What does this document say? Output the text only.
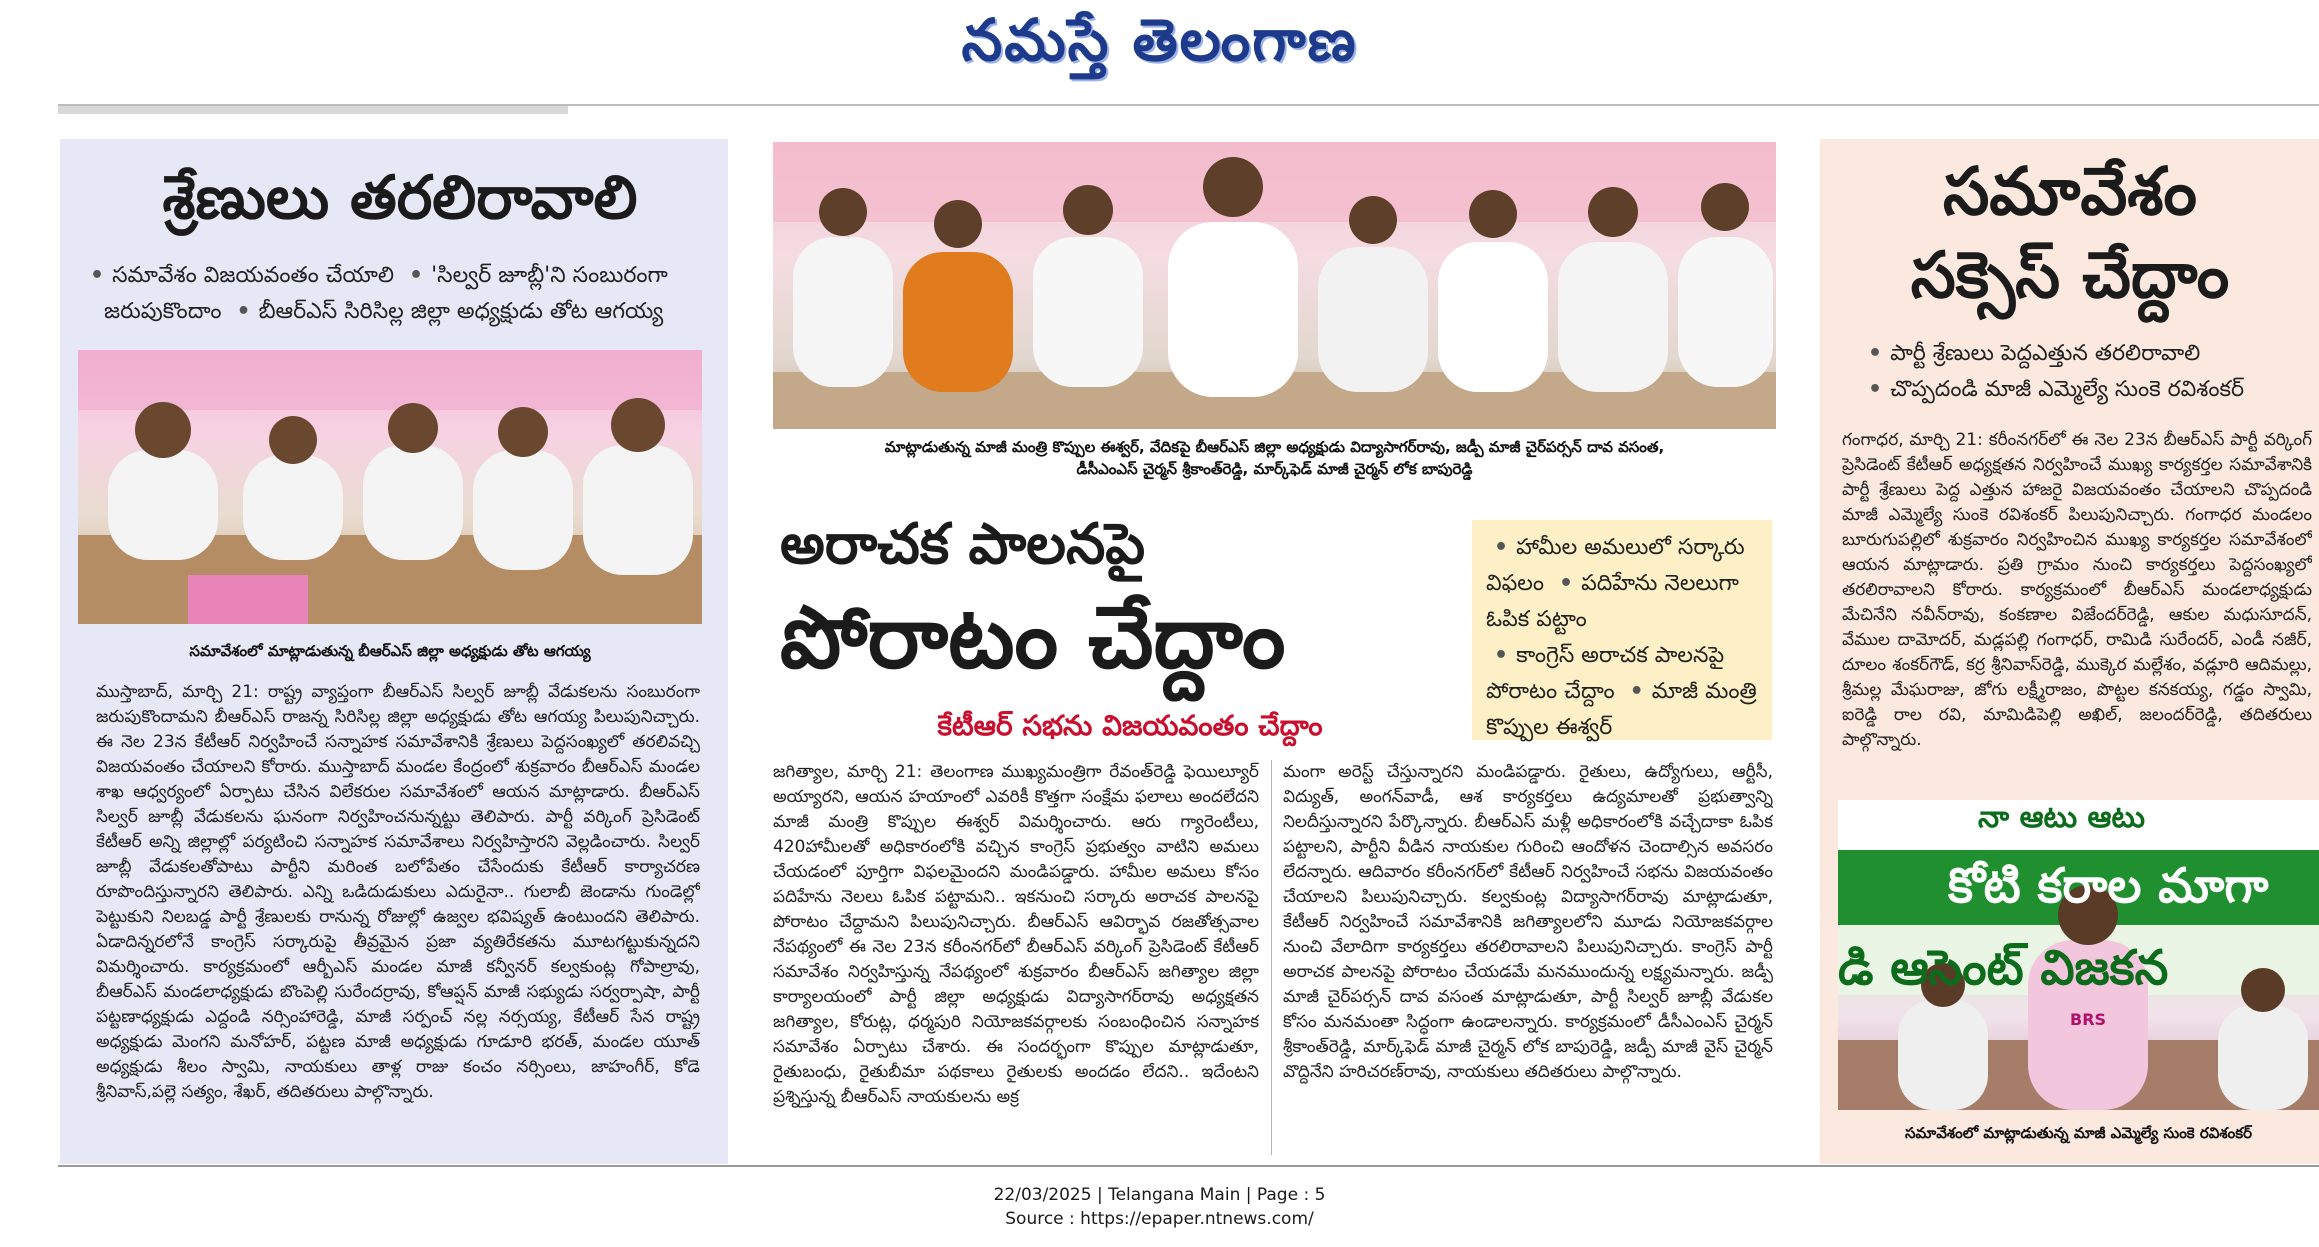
నమస్తే తెలంగాణ
శ్రేణులు తరలిరావాలి
• సమావేశం విజయవంతం చేయాలి • 'సిల్వర్ జూబ్లీ'ని సంబురంగా
జరుపుకొందాం • బీఆర్ఎస్ సిరిసిల్ల జిల్లా అధ్యక్షుడు తోట ఆగయ్య
సమావేశంలో మాట్లాడుతున్న బీఆర్ఎస్ జిల్లా అధ్యక్షుడు తోట ఆగయ్య
ముస్తాబాద్, మార్చి 21: రాష్ట్ర వ్యాప్తంగా బీఆర్ఎస్ సిల్వర్ జూబ్లీ వేడుకలను సంబురంగా జరుపుకొందామని బీఆర్ఎస్ రాజన్న సిరిసిల్ల జిల్లా అధ్యక్షుడు తోట ఆగయ్య పిలుపునిచ్చారు. ఈ నెల 23న కేటీఆర్ నిర్వహించే సన్నాహక సమావేశానికి శ్రేణులు పెద్దసంఖ్యలో తరలివచ్చి విజయవంతం చేయాలని కోరారు. ముస్తాబాద్ మండల కేంద్రంలో శుక్రవారం బీఆర్ఎస్ మండల శాఖ ఆధ్వర్యంలో ఏర్పాటు చేసిన విలేకరుల సమావేశంలో ఆయన మాట్లాడారు. బీఆర్ఎస్ సిల్వర్ జూబ్లీ వేడుకలను ఘనంగా నిర్వహించనున్నట్టు తెలిపారు. పార్టీ వర్కింగ్ ప్రెసిడెంట్ కేటీఆర్ అన్ని జిల్లాల్లో పర్యటించి సన్నాహక సమావేశాలు నిర్వహిస్తారని వెల్లడించారు. సిల్వర్ జూబ్లీ వేడుకలతోపాటు పార్టీని మరింత బలోపేతం చేసేందుకు కేటీఆర్ కార్యాచరణ రూపొందిస్తున్నారని తెలిపారు. ఎన్ని ఒడిదుడుకులు ఎదురైనా.. గులాబీ జెండాను గుండెల్లో పెట్టుకుని నిలబడ్డ పార్టీ శ్రేణులకు రానున్న రోజుల్లో ఉజ్వల భవిష్యత్ ఉంటుందని తెలిపారు. ఏడాదిన్నరలోనే కాంగ్రెస్ సర్కారుపై తీవ్రమైన ప్రజా వ్యతిరేకతను మూటగట్టుకున్నదని విమర్శించారు. కార్యక్రమంలో ఆర్బీఎస్ మండల మాజీ కన్వీనర్ కల్వకుంట్ల గోపాల్రావు, బీఆర్ఎస్ మండలాధ్యక్షుడు బొంపెల్లి సురేందర్రావు, కోఆప్షన్ మాజీ సభ్యుడు సర్వర్పాషా, పార్టీ పట్టణాధ్యక్షుడు ఎద్దండి నర్సింహారెడ్డి, మాజీ సర్పంచ్ నల్ల నర్సయ్య, కేటీఆర్ సేన రాష్ట్ర అధ్యక్షుడు మెంగని మనోహర్, పట్టణ మాజీ అధ్యక్షుడు గూడూరి భరత్, మండల యూత్ అధ్యక్షుడు శీలం స్వామి, నాయకులు తాళ్ల రాజు కంచం నర్సింలు, జాహంగీర్, కోడె శ్రీనివాస్,పల్లె సత్యం, శేఖర్, తదితరులు పాల్గొన్నారు.
మాట్లాడుతున్న మాజీ మంత్రి కొప్పుల ఈశ్వర్, వేదికపై బీఆర్ఎస్ జిల్లా అధ్యక్షుడు విద్యాసాగర్‌రావు, జడ్పీ మాజీ చైర్‌పర్సన్ దావ వసంత,
డీసీఎంఎస్ చైర్మన్ శ్రీకాంత్‌రెడ్డి, మార్క్‌ఫెడ్ మాజీ చైర్మన్ లోక బాపురెడ్డి
అరాచక పాలనపై
పోరాటం చేద్దాం
కేటీఆర్ సభను విజయవంతం చేద్దాం
• హామీల అమలులో సర్కారు విఫలం • పదిహేను నెలలుగా ఓపిక పట్టాం
• కాంగ్రెస్ అరాచక పాలనపై పోరాటం చేద్దాం • మాజీ మంత్రి కొప్పుల ఈశ్వర్
జగిత్యాల, మార్చి 21: తెలంగాణ ముఖ్యమంత్రిగా రేవంత్‌రెడ్డి ఫెయిల్యూర్ అయ్యారని, ఆయన హయాంలో ఎవరికీ కొత్తగా సంక్షేమ ఫలాలు అందలేదని మాజీ మంత్రి కొప్పుల ఈశ్వర్ విమర్శించారు. ఆరు గ్యారెంటీలు, 420హామీలతో అధికారంలోకి వచ్చిన కాంగ్రెస్ ప్రభుత్వం వాటిని అమలు చేయడంలో పూర్తిగా విఫలమైందని మండిపడ్డారు. హామీల అమలు కోసం పదిహేను నెలలు ఓపిక పట్టామని.. ఇకనుంచి సర్కారు అరాచక పాలనపై పోరాటం చేద్దామని పిలుపునిచ్చారు. బీఆర్ఎస్ ఆవిర్భావ రజతోత్సవాల నేపథ్యంలో ఈ నెల 23న కరీంనగర్‌లో బీఆర్ఎస్ వర్కింగ్ ప్రెసిడెంట్ కేటీఆర్ సమావేశం నిర్వహిస్తున్న నేపథ్యంలో శుక్రవారం బీఆర్ఎస్ జగిత్యాల జిల్లా కార్యాలయంలో పార్టీ జిల్లా అధ్యక్షుడు విద్యాసాగర్‌రావు అధ్యక్షతన జగిత్యాల, కోరుట్ల, ధర్మపురి నియోజకవర్గాలకు సంబంధించిన సన్నాహక సమావేశం ఏర్పాటు చేశారు. ఈ సందర్భంగా కొప్పుల మాట్లాడుతూ, రైతుబంధు, రైతుబీమా పథకాలు రైతులకు అందడం లేదని.. ఇదేంటని ప్రశ్నిస్తున్న బీఆర్ఎస్ నాయకులను అక్ర
మంగా అరెస్ట్ చేస్తున్నారని మండిపడ్డారు. రైతులు, ఉద్యోగులు, ఆర్టీసీ, విద్యుత్, అంగన్‌వాడీ, ఆశ కార్యకర్తలు ఉద్యమాలతో ప్రభుత్వాన్ని నిలదీస్తున్నారని పేర్కొన్నారు. బీఆర్ఎస్ మళ్లీ అధికారంలోకి వచ్చేదాకా ఓపిక పట్టాలని, పార్టీని వీడిన నాయకుల గురించి ఆందోళన చెందాల్సిన అవసరం లేదన్నారు. ఆదివారం కరీంనగర్‌లో కేటీఆర్ నిర్వహించే సభను విజయవంతం చేయాలని పిలుపునిచ్చారు. కల్వకుంట్ల విద్యాసాగర్‌రావు మాట్లాడుతూ, కేటీఆర్ నిర్వహించే సమావేశానికి జగిత్యాలలోని మూడు నియోజకవర్గాల నుంచి వేలాదిగా కార్యకర్తలు తరలిరావాలని పిలుపునిచ్చారు. కాంగ్రెస్ పార్టీ అరాచక పాలనపై పోరాటం చేయడమే మనముందున్న లక్ష్యమన్నారు. జడ్పీ మాజీ చైర్‌పర్సన్ దావ వసంత మాట్లాడుతూ, పార్టీ సిల్వర్ జూబ్లీ వేడుకల కోసం మనమంతా సిద్ధంగా ఉండాలన్నారు. కార్యక్రమంలో డీసీఎంఎస్ చైర్మన్ శ్రీకాంత్‌రెడ్డి, మార్క్‌ఫెడ్ మాజీ చైర్మన్ లోక బాపురెడ్డి, జడ్పీ మాజీ వైస్ చైర్మన్ వొద్దినేని హరిచరణ్‌రావు, నాయకులు తదితరులు పాల్గొన్నారు.
సమావేశం
సక్సెస్ చేద్దాం
• పార్టీ శ్రేణులు పెద్దఎత్తున తరలిరావాలి
• చొప్పదండి మాజీ ఎమ్మెల్యే సుంకె రవిశంకర్
గంగాధర, మార్చి 21: కరీంనగర్‌లో ఈ నెల 23న బీఆర్ఎస్ పార్టీ వర్కింగ్ ప్రెసిడెంట్ కేటీఆర్ అధ్యక్షతన నిర్వహించే ముఖ్య కార్యకర్తల సమావేశానికి పార్టీ శ్రేణులు పెద్ద ఎత్తున హాజరై విజయవంతం చేయాలని చొప్పదండి మాజీ ఎమ్మెల్యే సుంకె రవిశంకర్ పిలుపునిచ్చారు. గంగాధర మండలం బూరుగుపల్లిలో శుక్రవారం నిర్వహించిన ముఖ్య కార్యకర్తల సమావేశంలో ఆయన మాట్లాడారు. ప్రతి గ్రామం నుంచి కార్యకర్తలు పెద్దసంఖ్యలో తరలిరావాలని కోరారు. కార్యక్రమంలో బీఆర్ఎస్ మండలాధ్యక్షుడు మేచినేని నవీన్‌రావు, కంకణాల విజేందర్‌రెడ్డి, ఆకుల మధుసూదన్, వేముల దామోదర్, మడ్లపల్లి గంగాధర్, రామిడి సురేందర్, ఎండీ నజీర్, దూలం శంకర్‌గౌడ్, కర్ర శ్రీనివాస్‌రెడ్డి, ముక్కెర మల్లేశం, వడ్లూరి ఆదిమల్లు, శ్రీమల్ల మేఘరాజు, జోగు లక్ష్మీరాజం, పొట్టల కనకయ్య, గడ్డం స్వామి, ఐరెడ్డి రాల రవి, మామిడిపెల్లి అఖిల్, జలందర్‌రెడ్డి, తదితరులు పాల్గొన్నారు.
నా ఆటు ఆటు
కోటి కరాల మాగా
డి ఆసెంట్ విజకన
BRS
సమావేశంలో మాట్లాడుతున్న మాజీ ఎమ్మెల్యే సుంకె రవిశంకర్
22/03/2025 | Telangana Main | Page : 5
Source : https://epaper.ntnews.com/
